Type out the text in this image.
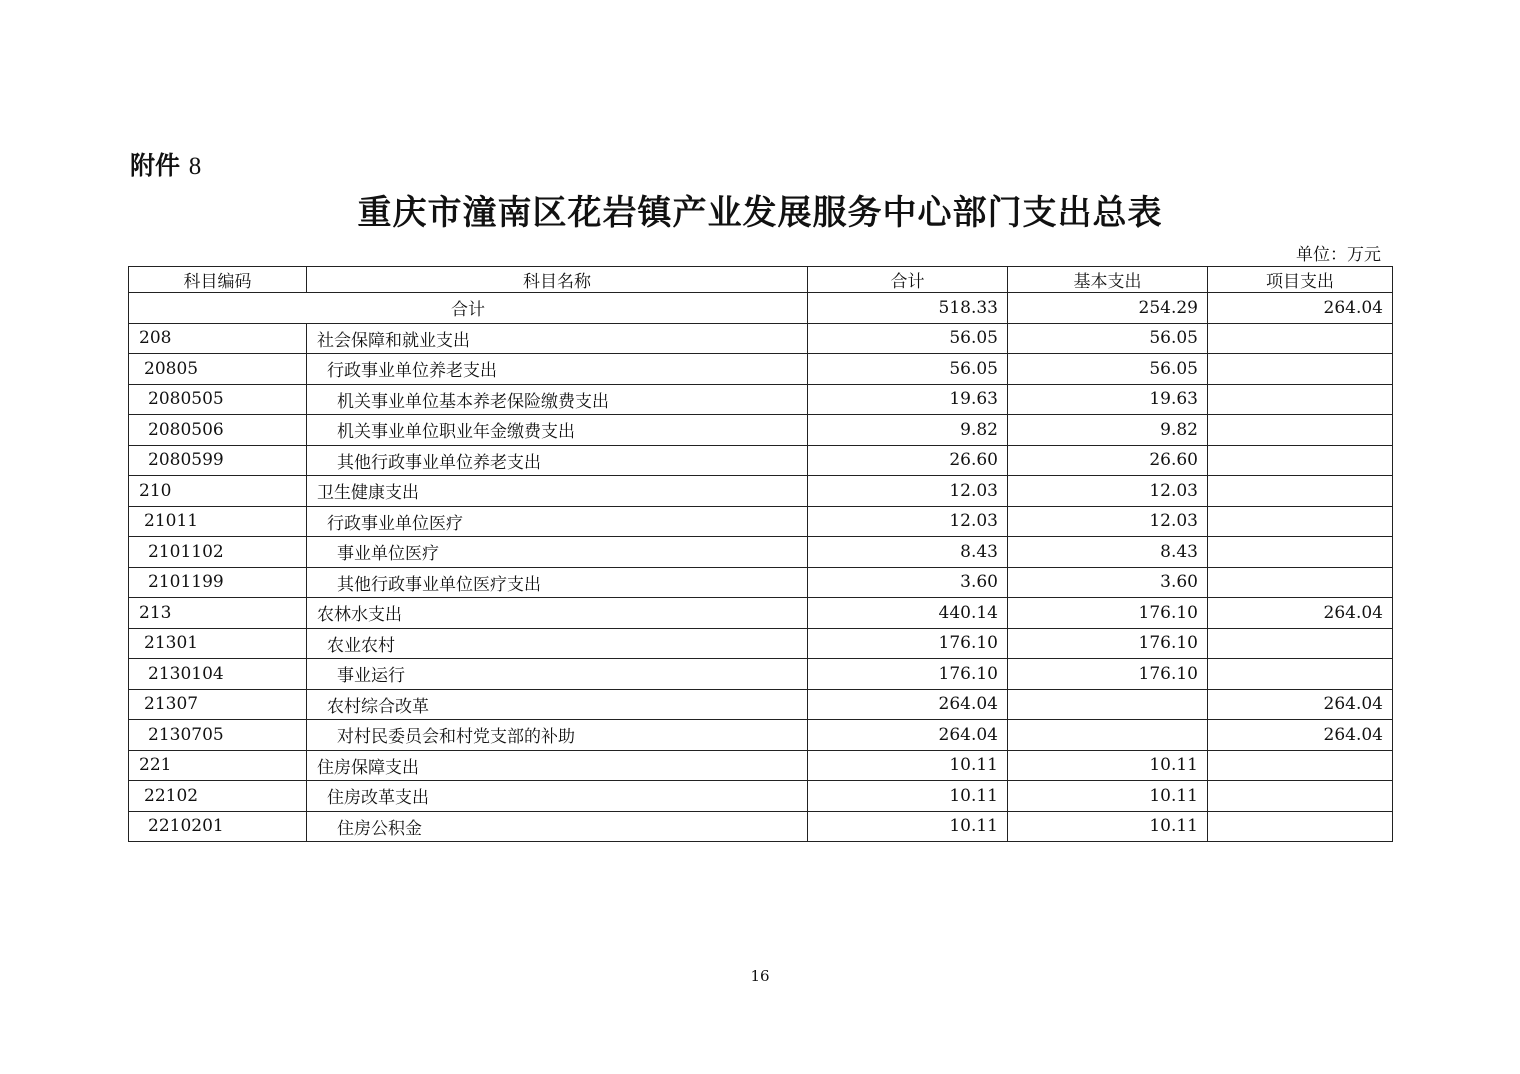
附件 8
重庆市潼南区花岩镇产业发展服务中心部门支出总表
单位：万元
科目编码	科目名称	合计	基本支出	项目支出
合计		518.33	254.29	264.04
208	社会保障和就业支出	56.05	56.05	
20805	行政事业单位养老支出	56.05	56.05	
2080505	机关事业单位基本养老保险缴费支出	19.63	19.63	
2080506	机关事业单位职业年金缴费支出	9.82	9.82	
2080599	其他行政事业单位养老支出	26.60	26.60	
210	卫生健康支出	12.03	12.03	
21011	行政事业单位医疗	12.03	12.03	
2101102	事业单位医疗	8.43	8.43	
2101199	其他行政事业单位医疗支出	3.60	3.60	
213	农林水支出	440.14	176.10	264.04
21301	农业农村	176.10	176.10	
2130104	事业运行	176.10	176.10	
21307	农村综合改革	264.04		264.04
2130705	对村民委员会和村党支部的补助	264.04		264.04
221	住房保障支出	10.11	10.11	
22102	住房改革支出	10.11	10.11	
2210201	住房公积金	10.11	10.11	
16
